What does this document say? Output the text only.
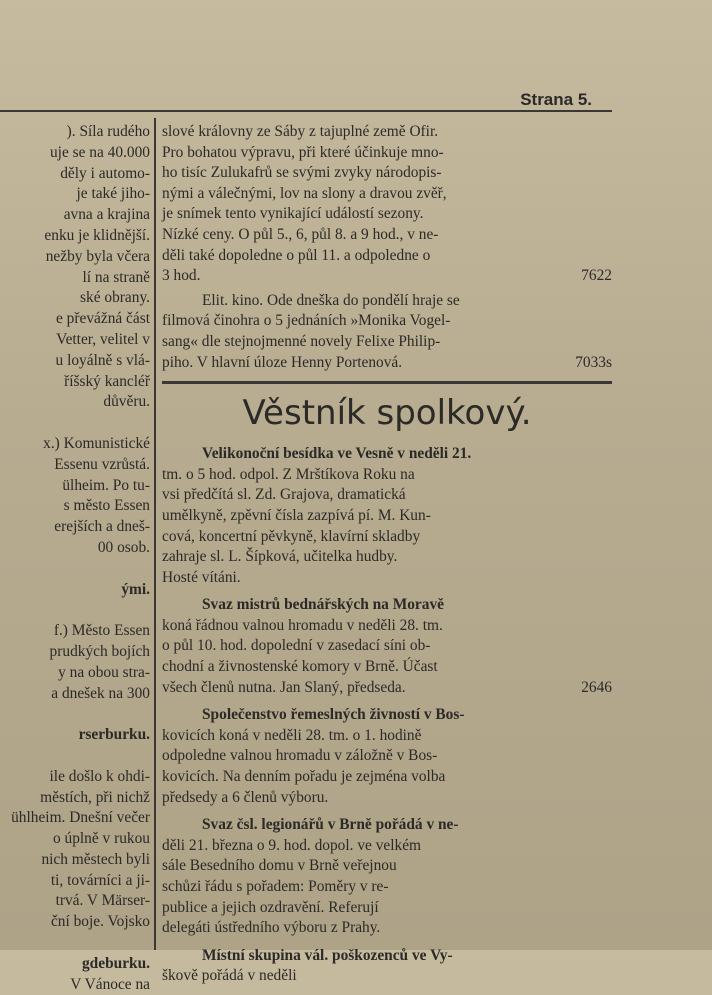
Strana 5.
). Síla rudého
uje se na 40.000
děly i automo-
je také jiho-
avna a krajina
enku je klidnější.
nežby byla včera
lí na straně
ské obrany.
e převážná část
Vetter, velitel v
u loyálně s vlá-
říšský kancléř
důvěru.

x.) Komunistické
Essenu vzrůstá.
ülheim. Po tu-
s město Essen
erejších a dneš-
00 osob.

ými.

f.) Město Essen
prudkých bojích
y na obou stra-
a dnešek na 300

rserburku.

ile došlo k ohdi-
městích, při nichž
ühlheim. Dnešní večer
o úplně v rukou
nich městech byli
ti, továrníci a ji-
trvá. V Märser-
ční boje. Vojsko

gdeburku.
V Vánoce na
slové královny ze Sáby z tajuplné země Ofir.
Pro bohatou výpravu, při které účinkuje mno-
ho tisíc Zulukafrů se svými zvyky národopis-
nými a válečnými, lov na slony a dravou zvěř,
je snímek tento vynikající událostí sezony.
Nízké ceny. O půl 5., 6, půl 8. a 9 hod., v ne-
děli také dopoledne o půl 11. a odpoledne o
3 hod.	7622
Elit. kino. Ode dneška do pondělí hraje se
filmová činohra o 5 jednáních »Monika Vogel-
sang« dle stejnojmenné novely Felixe Philip-
piho. V hlavní úloze Henny Portenová.	7033s
Věstník spolkový.
Velikonoční besídka ve Vesně v neděli 21.
tm. o 5 hod. odpol. Z Mrštíkova Roku na
vsi předčítá sl. Zd. Grajova, dramatická
umělkyně, zpěvní čísla zazpívá pí. M. Kun-
cová, koncertní pěvkyně, klavírní skladby
zahraje sl. L. Šípková, učitelka hudby.
Hosté vítáni.
Svaz mistrů bednářských na Moravě
koná řádnou valnou hromadu v neděli 28. tm.
o půl 10. hod. dopolední v zasedací síni ob-
chodní a živnostenské komory v Brně. Účast
všech členů nutna. Jan Slaný, předseda.	2646
Společenstvo řemeslných živností v Bos-
kovicích koná v neděli 28. tm. o 1. hodině
odpoledne valnou hromadu v záložně v Bos-
kovicích. Na denním pořadu je zejména volba
předsedy a 6 členů výboru.
Svaz čsl. legionářů v Brně pořádá v ne-
děli 21. března o 9. hod. dopol. ve velkém
sále Besedního domu v Brně veřejnou
schůzi řádu s pořadem: Poměry v re-
publice a jejich ozdravění. Referují
delegáti ústředního výboru z Prahy.
Místní skupina vál. poškozenců ve Vy-
škově pořádá v neděli
